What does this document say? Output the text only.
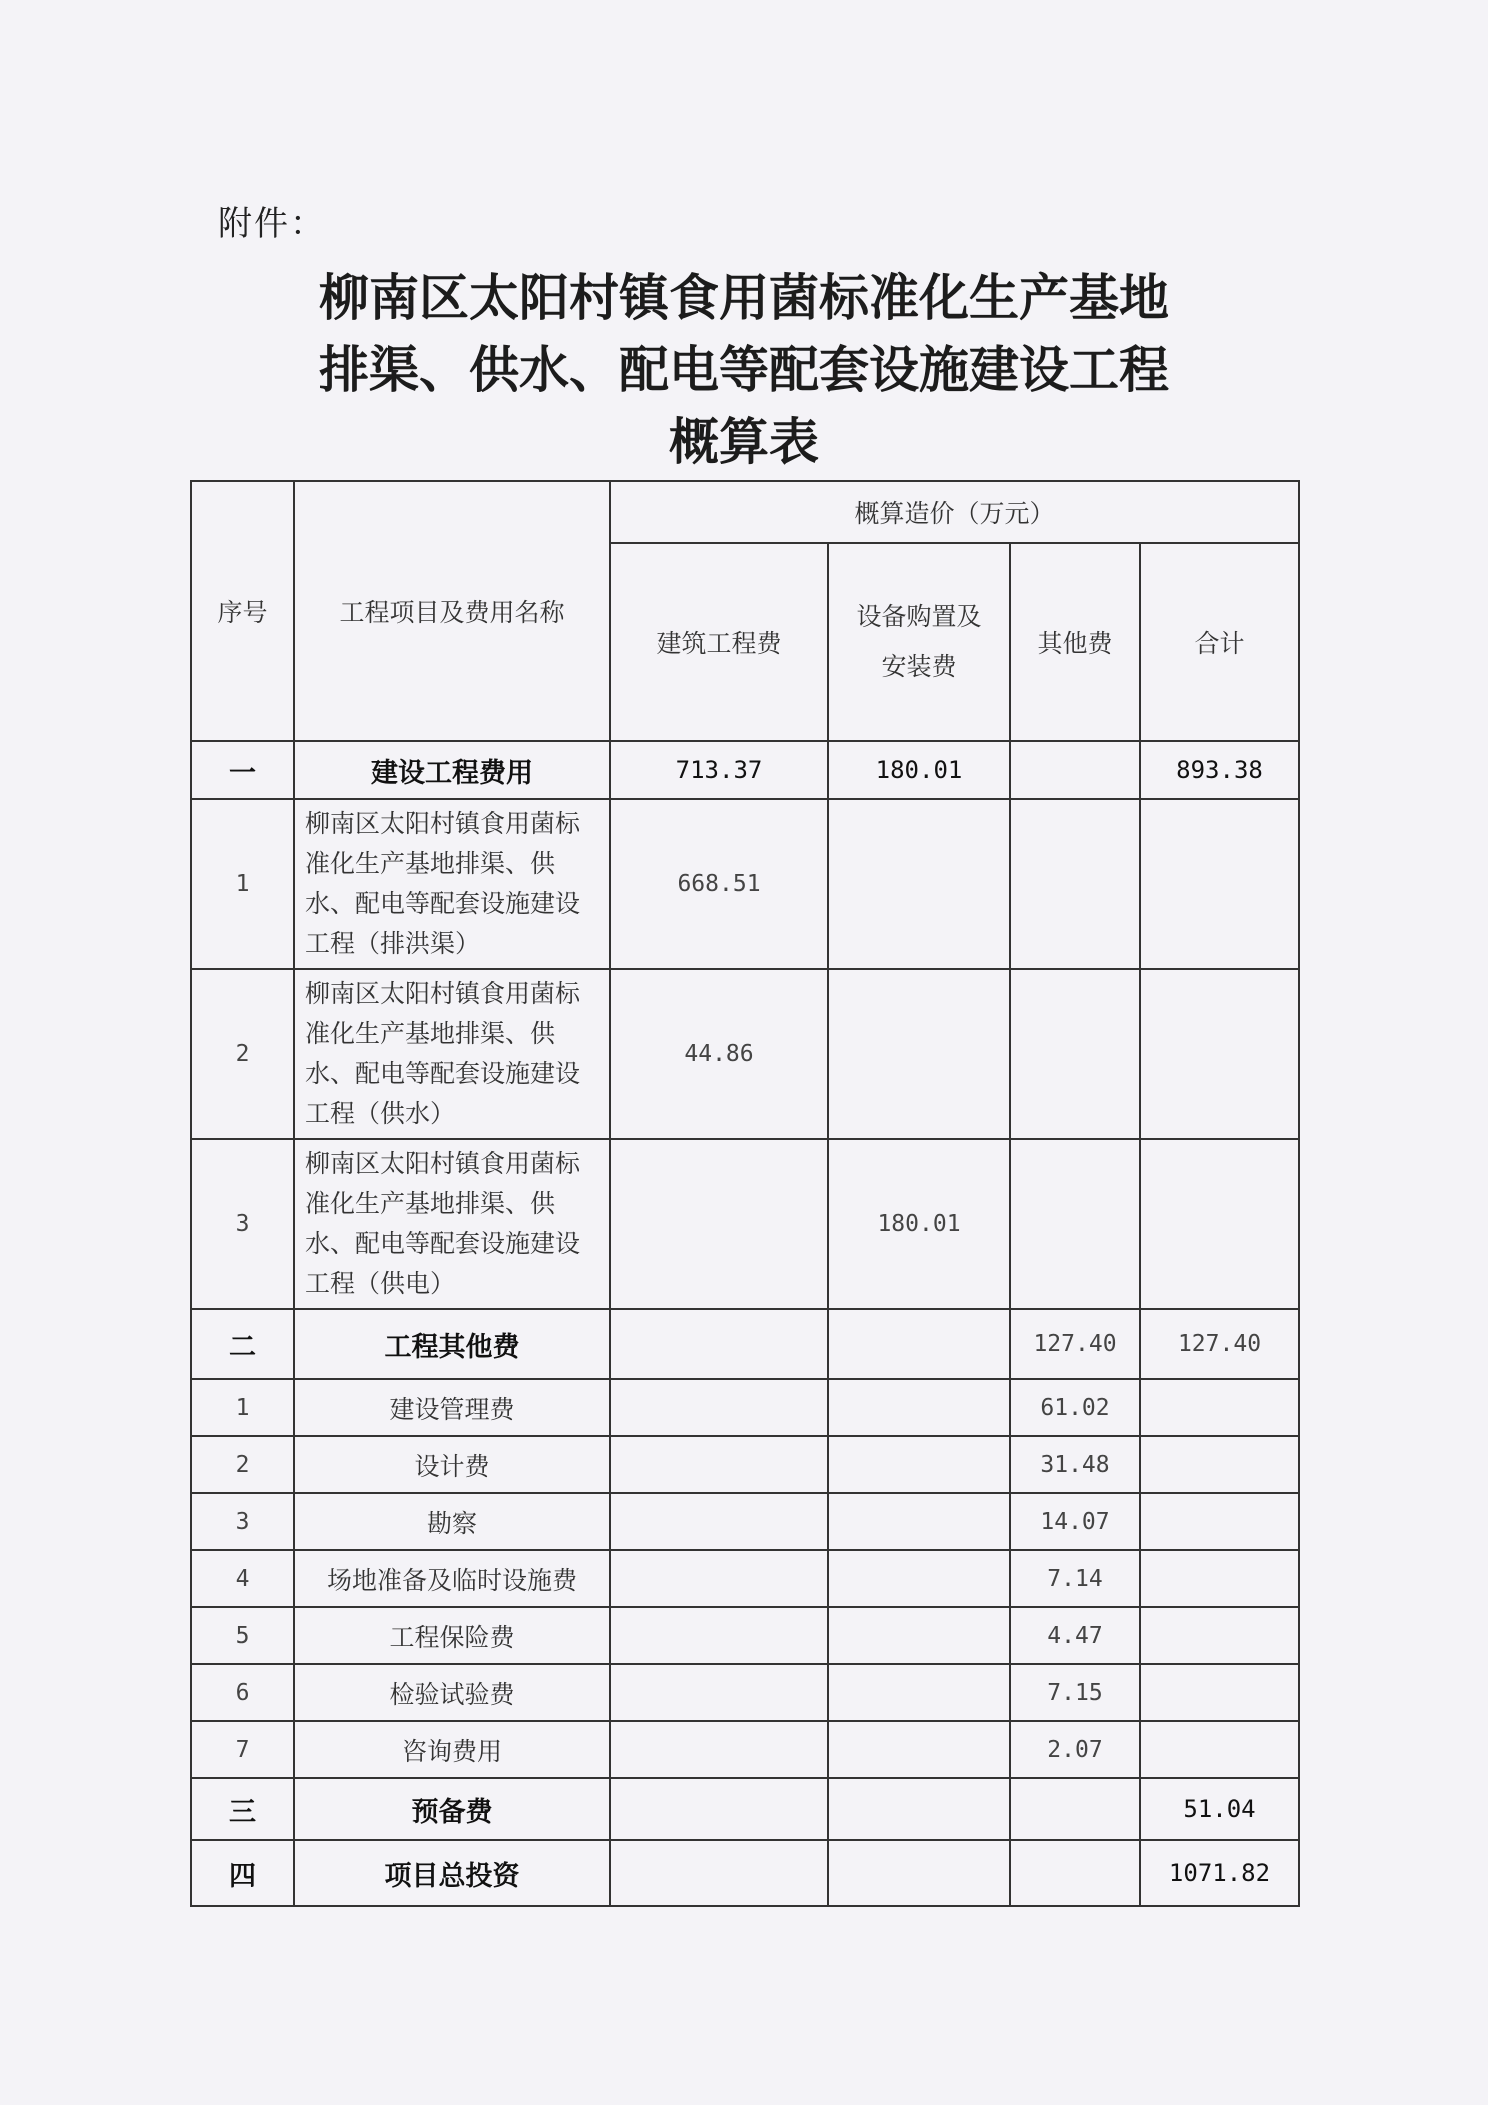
附件：
柳南区太阳村镇食用菌标准化生产基地
排渠、供水、配电等配套设施建设工程
概算表
序号	工程项目及费用名称	概算造价（万元）			
		建筑工程费	设备购置及
安装费	其他费	合计
一	建设工程费用	713.37	180.01		893.38
1	柳南区太阳村镇食用菌标准化生产基地排渠、供水、配电等配套设施建设工程（排洪渠）	668.51			
2	柳南区太阳村镇食用菌标准化生产基地排渠、供水、配电等配套设施建设工程（供水）	44.86			
3	柳南区太阳村镇食用菌标准化生产基地排渠、供水、配电等配套设施建设工程（供电）		180.01		
二	工程其他费			127.40	127.40
1	建设管理费			61.02	
2	设计费			31.48	
3	勘察			14.07	
4	场地准备及临时设施费			7.14	
5	工程保险费			4.47	
6	检验试验费			7.15	
7	咨询费用			2.07	
三	预备费				51.04
四	项目总投资				1071.82
